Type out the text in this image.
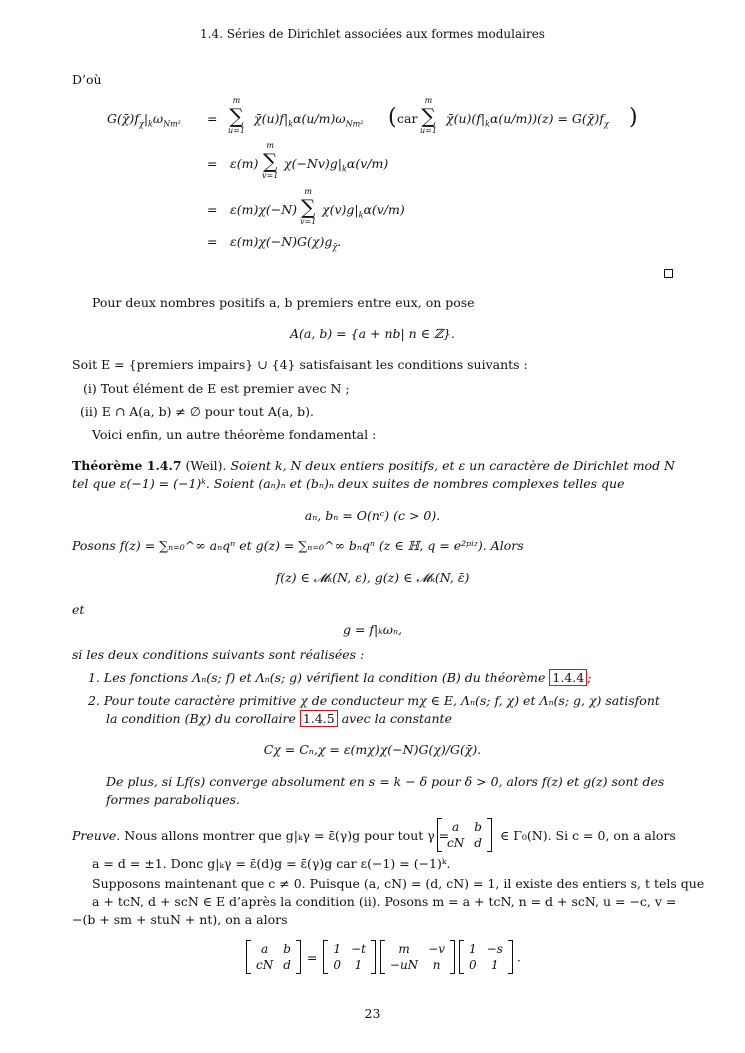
1.4. Séries de Dirichlet associées aux formes modulaires
D’où
$G(\chī)f_\chi|_k\omega_{Nm^2}$ =
m
∑
u=1
$\chī(u)f|_k\alpha(u/m)\omega_{Nm^2}$ ( car
m
∑
u=1
$\chī(u)(f|_k\alpha(u/m))(z)$ = $G(\chī)f_\chi$ )
= ε(m)
m
∑
v=1
$\chi(-Nv)g|_k\alpha(v/m)$
= ε(m)χ(−N)
m
∑
v=1
$\chi(v)g|_k\alpha(v/m)$
= $\varepsilon(m)\chi(-N)G(\chi)g_{\chī}$.
Pour deux nombres positifs a, b premiers entre eux, on pose
A(a, b) = {a + nb| n ∈ ℤ}.
Soit E = {premiers impairs} ∪ {4} satisfaisant les conditions suivants :
(i) Tout élément de E est premier avec N ;
(ii) E ∩ A(a, b) ≠ ∅ pour tout A(a, b).
Voici enfin, un autre théorème fondamental :
Théorème 1.4.7 (Weil). Soient k, N deux entiers positifs, et ε un caractère de Dirichlet mod N
tel que ε(−1) = (−1)ᵏ. Soient (aₙ)ₙ et (bₙ)ₙ deux suites de nombres complexes telles que
aₙ, bₙ = O(nᶜ) (c > 0).
Posons f(z) = ∑ₙ₌₀^∞ aₙqⁿ et g(z) = ∑ₙ₌₀^∞ bₙqⁿ (z ∈ ℍ, q = e²ᵖⁱᶻ). Alors
f(z) ∈ 𝓜ₖ(N, ε), g(z) ∈ 𝓜ₖ(N, ε̄)
et
g = f|ₖωₙ,
si les deux conditions suivants sont réalisées :
1. Les fonctions Λₙ(s; f) et Λₙ(s; g) vérifient la condition (B) du théorème 1.4.4 ;
2. Pour toute caractère primitive χ de conducteur mχ ∈ E, Λₙ(s; f, χ) et Λₙ(s; g, χ) satisfont
la condition (Bχ) du corollaire 1.4.5 avec la constante
Cχ = Cₙ,χ = ε(mχ)χ(−N)G(χ)/G(χ̄).
De plus, si Lf(s) converge absolument en s = k − δ pour δ > 0, alors f(z) et g(z) sont des
formes paraboliques.
Preuve. Nous allons montrer que g|ₖγ = ε̄(γ)g pour tout γ =
a	b
cN	d ∈ Γ₀(N). Si c = 0, on a alors
a = d = ±1. Donc g|ₖγ = ε̄(d)g = ε̄(γ)g car ε(−1) = (−1)ᵏ.
Supposons maintenant que c ≠ 0. Puisque (a, cN) = (d, cN) = 1, il existe des entiers s, t tels que
a + tcN, d + scN ∈ E d’après la condition (ii). Posons m = a + tcN, n = d + scN, u = −c, v =
−(b + sm + stuN + nt), on a alors
a	b
cN	d
=
1	−t
0	1

m	−v
−uN	n

1	−s
0	1
.
23
